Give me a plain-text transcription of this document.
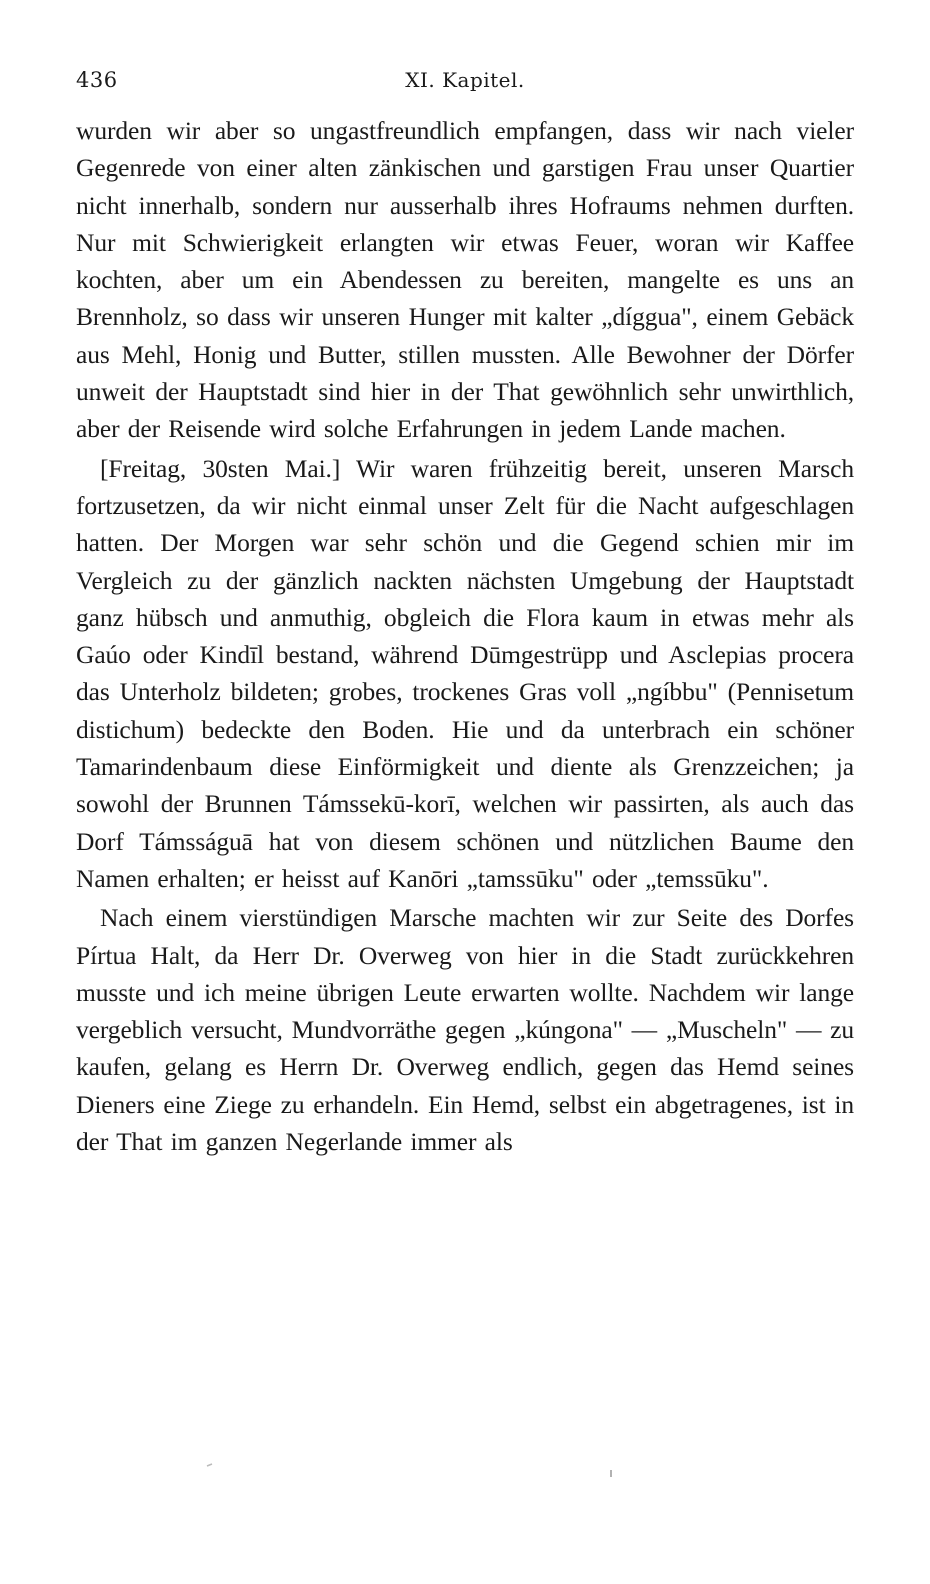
436	XI. Kapitel.

wurden wir aber so ungastfreundlich empfangen, dass wir nach vieler Gegenrede von einer alten zänkischen und garstigen Frau unser Quartier nicht innerhalb, sondern nur ausserhalb ihres Hofraums nehmen durften. Nur mit Schwierigkeit erlangten wir etwas Feuer, woran wir Kaffee kochten, aber um ein Abendessen zu bereiten, mangelte es uns an Brennholz, so dass wir unseren Hunger mit kalter „díggua", einem Gebäck aus Mehl, Honig und Butter, stillen mussten. Alle Bewohner der Dörfer unweit der Hauptstadt sind hier in der That gewöhnlich sehr unwirthlich, aber der Reisende wird solche Erfahrungen in jedem Lande machen.

[Freitag, 30sten Mai.] Wir waren frühzeitig bereit, unseren Marsch fortzusetzen, da wir nicht einmal unser Zelt für die Nacht aufgeschlagen hatten. Der Morgen war sehr schön und die Gegend schien mir im Vergleich zu der gänzlich nackten nächsten Umgebung der Hauptstadt ganz hübsch und anmuthig, obgleich die Flora kaum in etwas mehr als Gaúo oder Kindīl bestand, während Dūmgestrüpp und Asclepias procera das Unterholz bildeten; grobes, trockenes Gras voll „ngíbbu" (Pennisetum distichum) bedeckte den Boden. Hie und da unterbrach ein schöner Tamarindenbaum diese Einförmigkeit und diente als Grenzzeichen; ja sowohl der Brunnen Támssekū-korī, welchen wir passirten, als auch das Dorf Támsságuā hat von diesem schönen und nützlichen Baume den Namen erhalten; er heisst auf Kanōri „tamssūku" oder „temssūku".

Nach einem vierstündigen Marsche machten wir zur Seite des Dorfes Pírtua Halt, da Herr Dr. Overweg von hier in die Stadt zurückkehren musste und ich meine übrigen Leute erwarten wollte. Nachdem wir lange vergeblich versucht, Mundvorräthe gegen „kúngona" — „Muscheln" — zu kaufen, gelang es Herrn Dr. Overweg endlich, gegen das Hemd seines Dieners eine Ziege zu erhandeln. Ein Hemd, selbst ein abgetragenes, ist in der That im ganzen Negerlande immer als
